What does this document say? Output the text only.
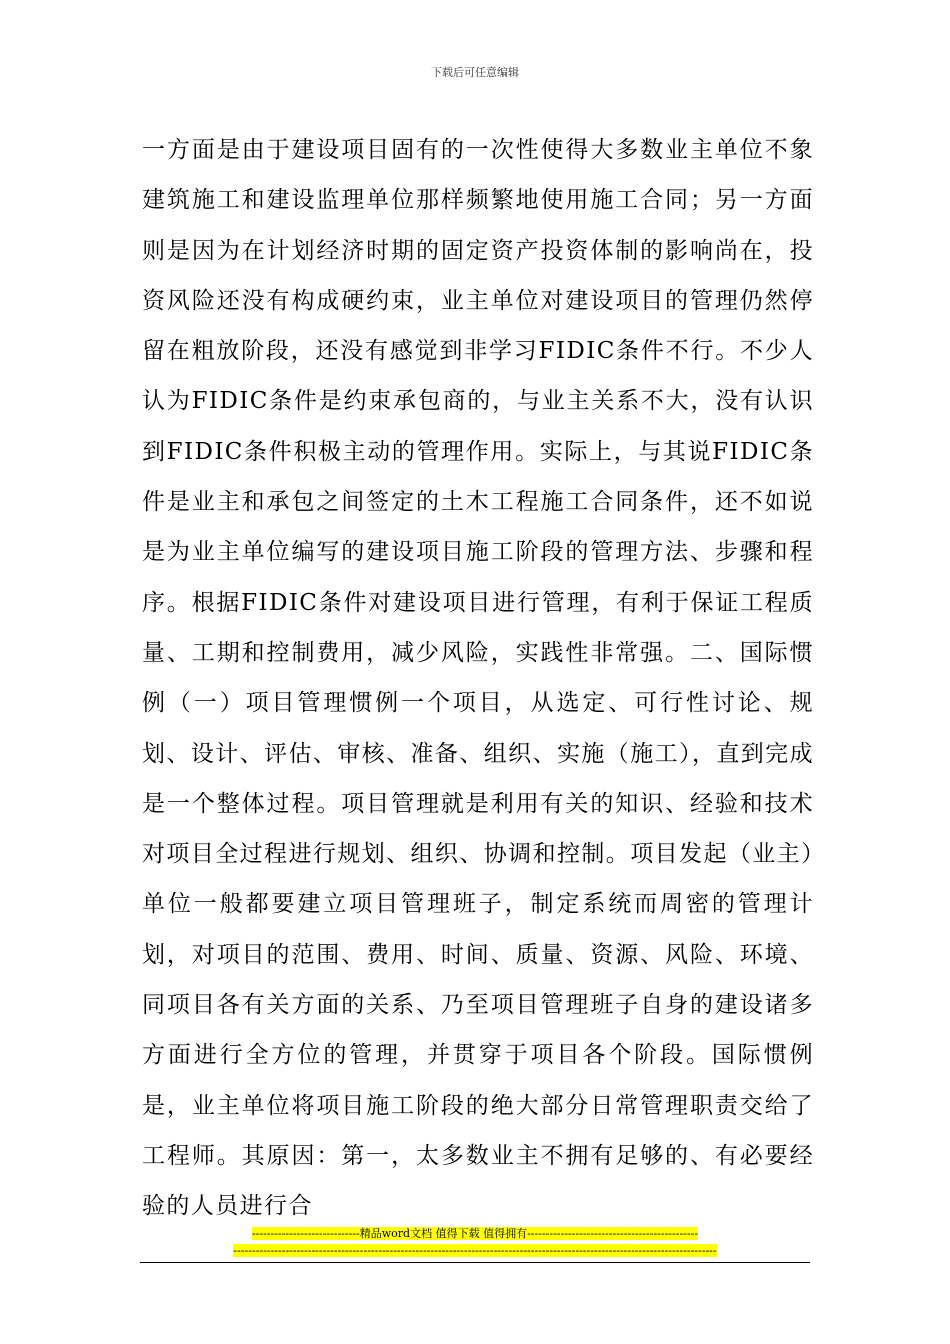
下载后可任意编辑

一方面是由于建设项目固有的一次性使得大多数业主单位不象建筑施工和建设监理单位那样频繁地使用施工合同；另一方面则是因为在计划经济时期的固定资产投资体制的影响尚在，投资风险还没有构成硬约束，业主单位对建设项目的管理仍然停留在粗放阶段，还没有感觉到非学习FIDIC条件不行。不少人认为FIDIC条件是约束承包商的，与业主关系不大，没有认识到FIDIC条件积极主动的管理作用。实际上，与其说FIDIC条件是业主和承包之间签定的土木工程施工合同条件，还不如说是为业主单位编写的建设项目施工阶段的管理方法、步骤和程序。根据FIDIC条件对建设项目进行管理，有利于保证工程质量、工期和控制费用，减少风险，实践性非常强。二、国际惯例（一）项目管理惯例一个项目，从选定、可行性讨论、规划、设计、评估、审核、准备、组织、实施（施工），直到完成是一个整体过程。项目管理就是利用有关的知识、经验和技术对项目全过程进行规划、组织、协调和控制。项目发起（业主）单位一般都要建立项目管理班子，制定系统而周密的管理计划，对项目的范围、费用、时间、质量、资源、风险、环境、同项目各有关方面的关系、乃至项目管理班子自身的建设诸多方面进行全方位的管理，并贯穿于项目各个阶段。国际惯例是，业主单位将项目施工阶段的绝大部分日常管理职责交给了工程师。其原因：第一，太多数业主不拥有足够的、有必要经验的人员进行合

-----------------------------精品word文档 值得下载 值得拥有----------------------------------------------
----------------------------------------------------------------------------------------------------------------------------------
